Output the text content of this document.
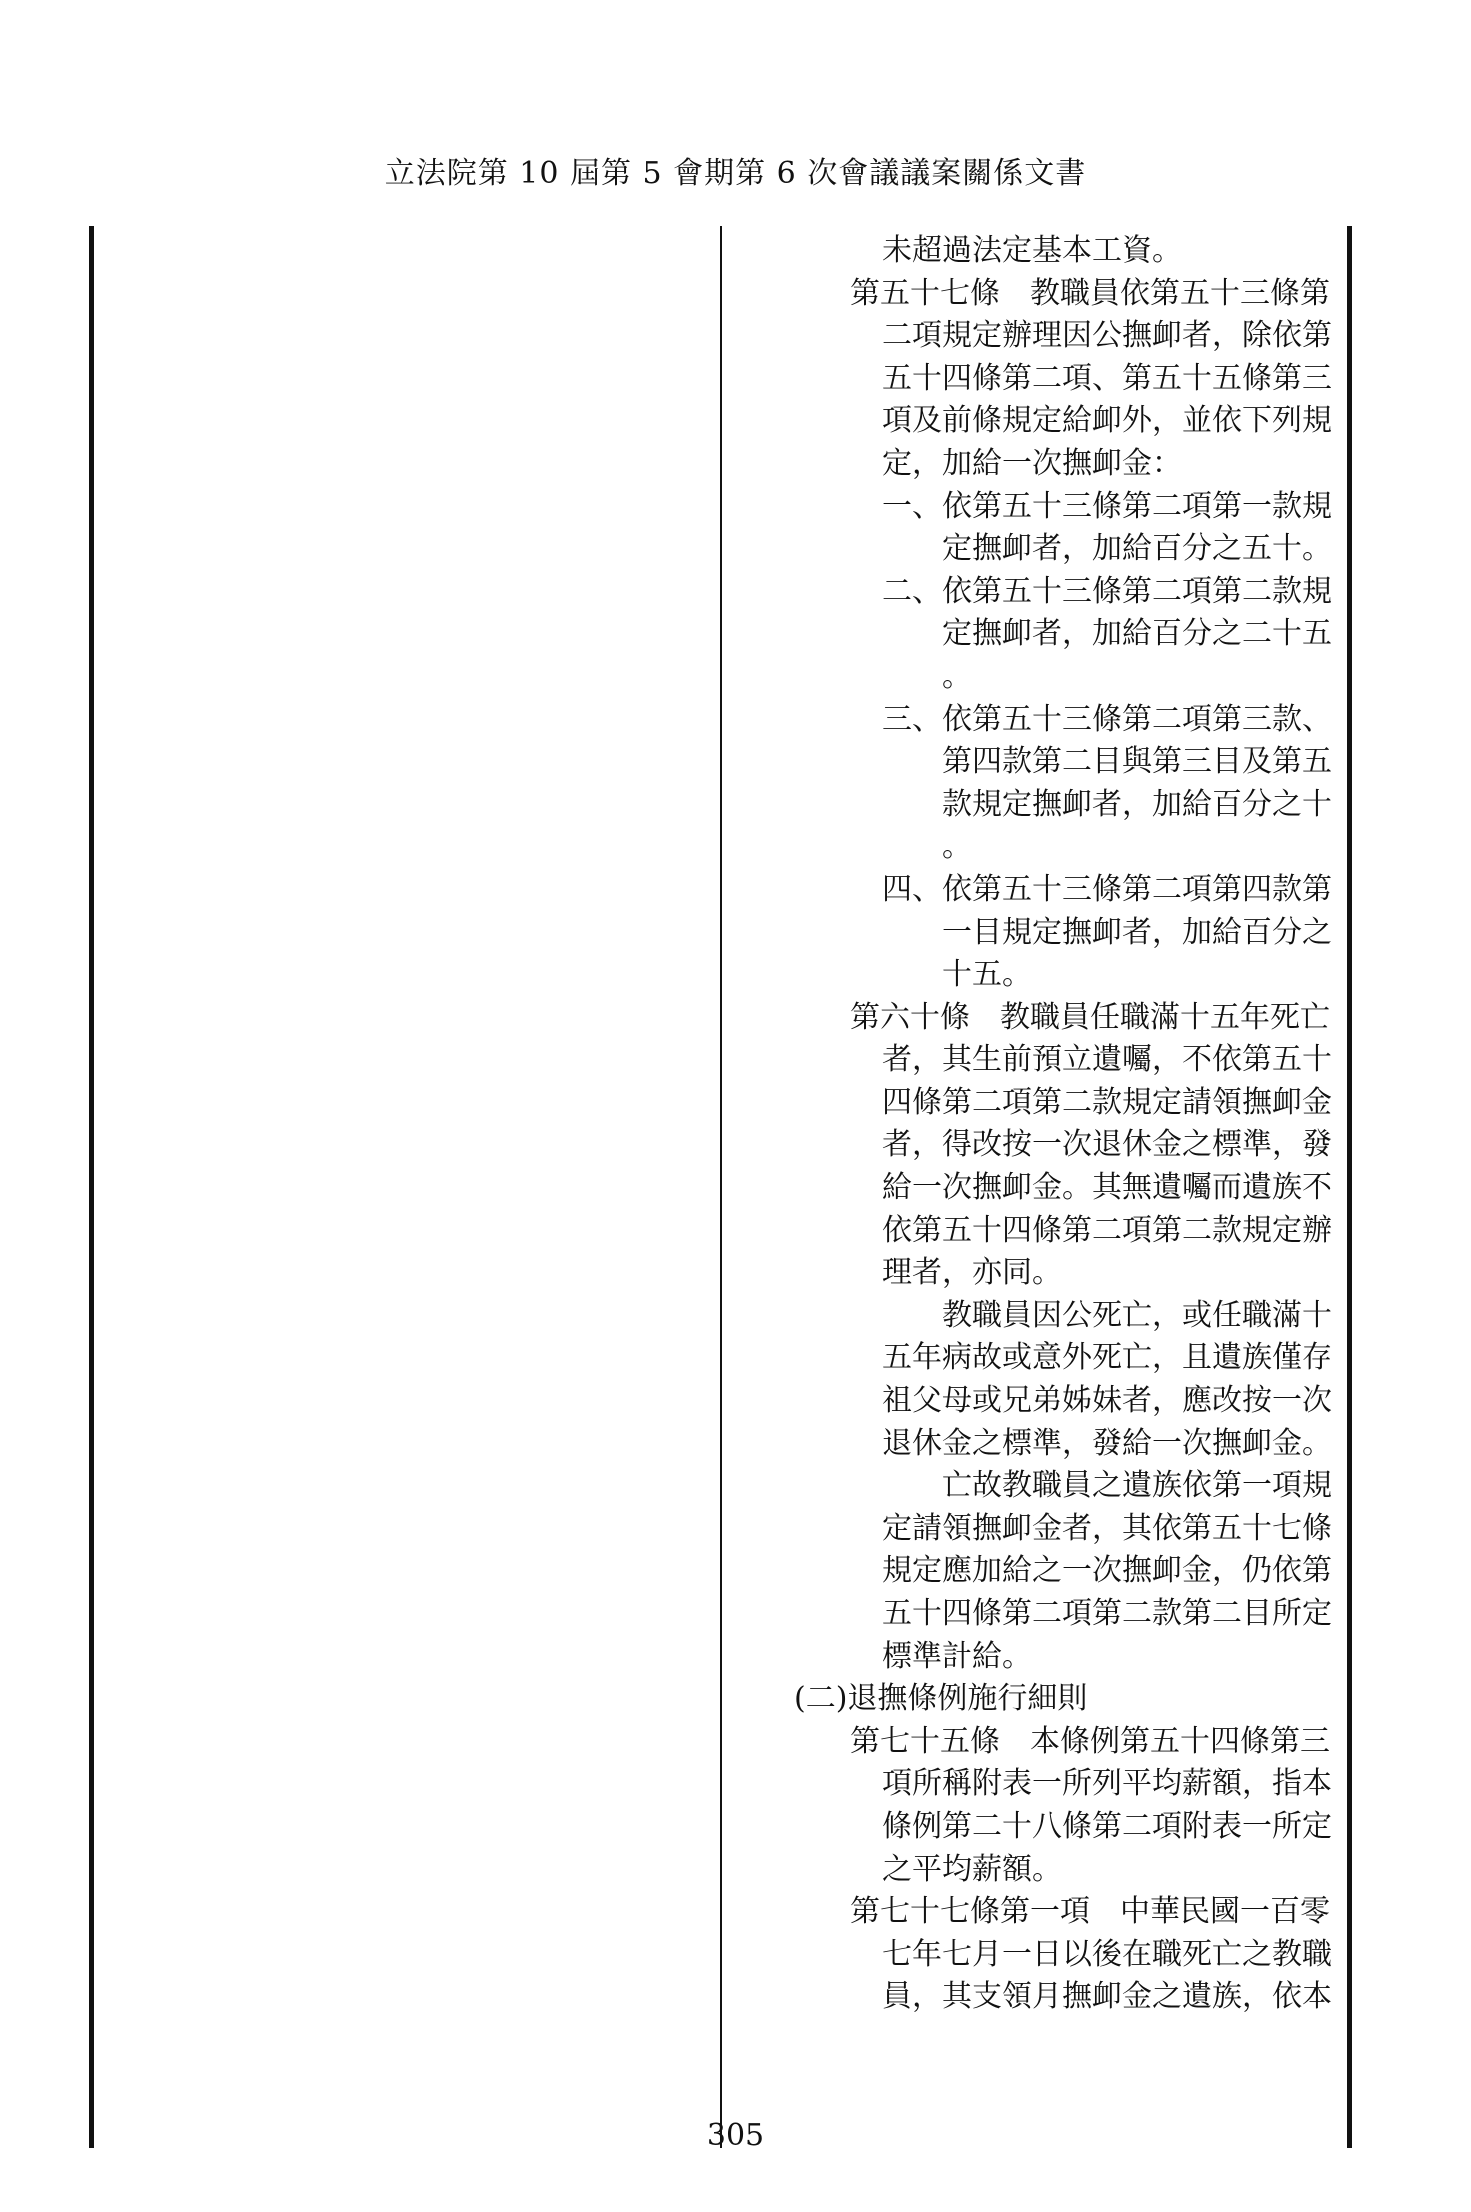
立法院第 10 屆第 5 會期第 6 次會議議案關係文書
未超過法定基本工資。
第五十七條　教職員依第五十三條第
二項規定辦理因公撫卹者，除依第
五十四條第二項、第五十五條第三
項及前條規定給卹外，並依下列規
定，加給一次撫卹金：
一、依第五十三條第二項第一款規
定撫卹者，加給百分之五十。
二、依第五十三條第二項第二款規
定撫卹者，加給百分之二十五
。
三、依第五十三條第二項第三款、
第四款第二目與第三目及第五
款規定撫卹者，加給百分之十
。
四、依第五十三條第二項第四款第
一目規定撫卹者，加給百分之
十五。
第六十條　教職員任職滿十五年死亡
者，其生前預立遺囑，不依第五十
四條第二項第二款規定請領撫卹金
者，得改按一次退休金之標準，發
給一次撫卹金。其無遺囑而遺族不
依第五十四條第二項第二款規定辦
理者，亦同。
教職員因公死亡，或任職滿十
五年病故或意外死亡，且遺族僅存
祖父母或兄弟姊妹者，應改按一次
退休金之標準，發給一次撫卹金。
亡故教職員之遺族依第一項規
定請領撫卹金者，其依第五十七條
規定應加給之一次撫卹金，仍依第
五十四條第二項第二款第二目所定
標準計給。
(二)退撫條例施行細則
第七十五條　本條例第五十四條第三
項所稱附表一所列平均薪額，指本
條例第二十八條第二項附表一所定
之平均薪額。
第七十七條第一項　中華民國一百零
七年七月一日以後在職死亡之教職
員，其支領月撫卹金之遺族，依本
305
